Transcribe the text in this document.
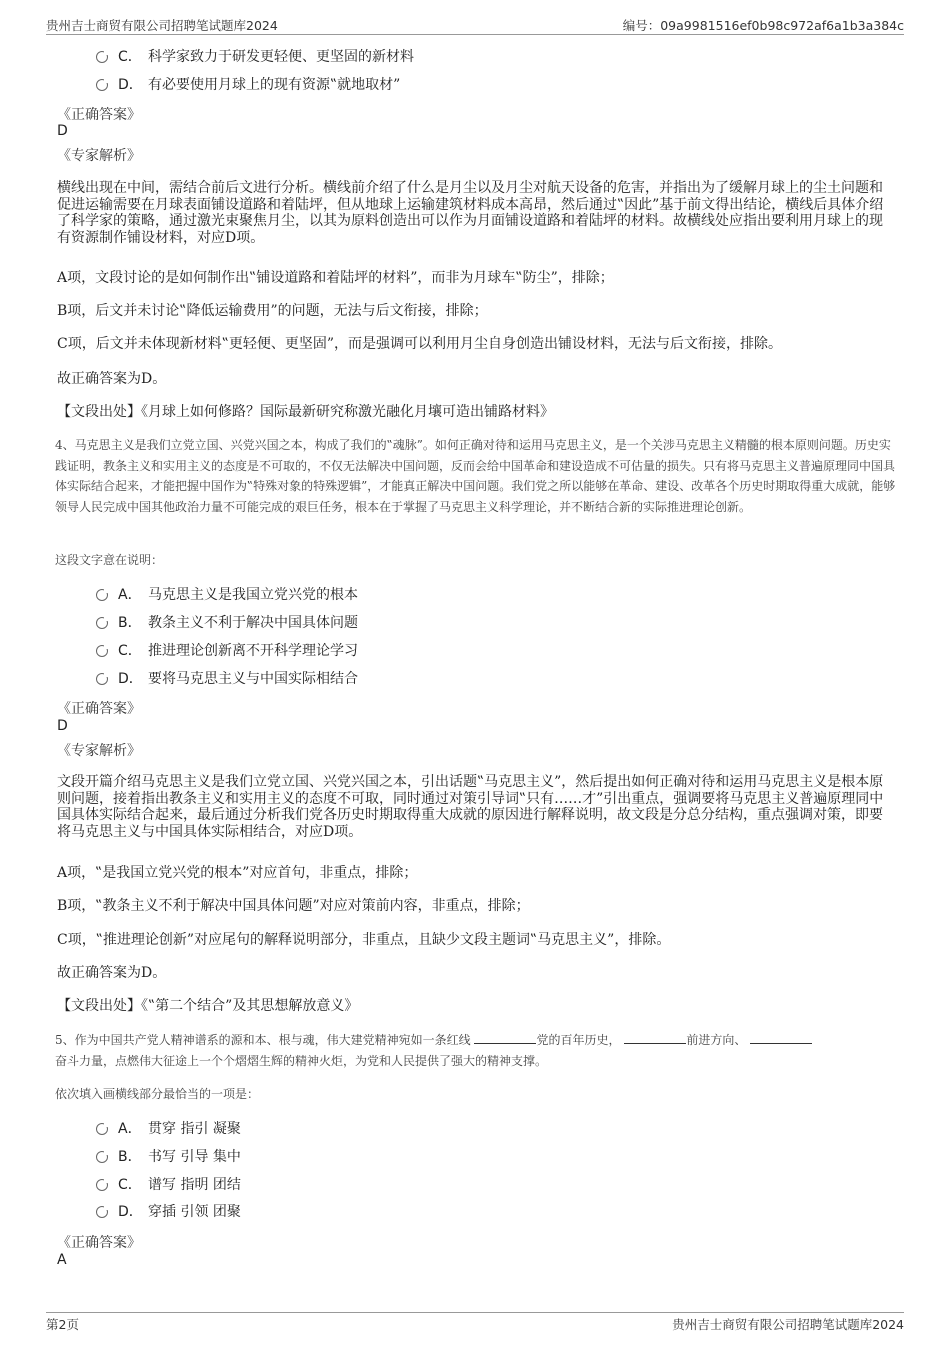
贵州吉士商贸有限公司招聘笔试题库2024	编号：09a9981516ef0b98c972af6a1b3a384c
C． 科学家致力于研发更轻便、更坚固的新材料
D． 有必要使用月球上的现有资源‟就地取材”
《正确答案》
D
《专家解析》
横线出现在中间，需结合前后文进行分析。横线前介绍了什么是月尘以及月尘对航天设备的危害，并指出为了缓解月球上的尘土问题和促进运输需要在月球表面铺设道路和着陆坪，但从地球上运输建筑材料成本高昂，然后通过‟因此”基于前文得出结论，横线后具体介绍了科学家的策略，通过激光束聚焦月尘，以其为原料创造出可以作为月面铺设道路和着陆坪的材料。故横线处应指出要利用月球上的现有资源制作铺设材料，对应D项。
A项，文段讨论的是如何制作出‟铺设道路和着陆坪的材料”，而非为月球车‟防尘”，排除；
B项，后文并未讨论‟降低运输费用”的问题，无法与后文衔接，排除；
C项，后文并未体现新材料‟更轻便、更坚固”，而是强调可以利用月尘自身创造出铺设材料，无法与后文衔接，排除。
故正确答案为D。
【文段出处】《月球上如何修路？国际最新研究称激光融化月壤可造出铺路材料》
4、马克思主义是我们立党立国、兴党兴国之本，构成了我们的‟魂脉”。如何正确对待和运用马克思主义，是一个关涉马克思主义精髓的根本原则问题。历史实践证明，教条主义和实用主义的态度是不可取的，不仅无法解决中国问题，反而会给中国革命和建设造成不可估量的损失。只有将马克思主义普遍原理同中国具体实际结合起来，才能把握中国作为‟特殊对象的特殊逻辑”，才能真正解决中国问题。我们党之所以能够在革命、建设、改革各个历史时期取得重大成就，能够领导人民完成中国其他政治力量不可能完成的艰巨任务，根本在于掌握了马克思主义科学理论，并不断结合新的实际推进理论创新。
这段文字意在说明：
A． 马克思主义是我国立党兴党的根本
B． 教条主义不利于解决中国具体问题
C． 推进理论创新离不开科学理论学习
D． 要将马克思主义与中国实际相结合
《正确答案》
D
《专家解析》
文段开篇介绍马克思主义是我们立党立国、兴党兴国之本，引出话题‟马克思主义”，然后提出如何正确对待和运用马克思主义是根本原则问题，接着指出教条主义和实用主义的态度不可取，同时通过对策引导词‟只有……才”引出重点，强调要将马克思主义普遍原理同中国具体实际结合起来，最后通过分析我们党各历史时期取得重大成就的原因进行解释说明，故文段是分总分结构，重点强调对策，即要将马克思主义与中国具体实际相结合，对应D项。
A项，‟是我国立党兴党的根本”对应首句，非重点，排除；
B项，‟教条主义不利于解决中国具体问题”对应对策前内容，非重点，排除；
C项，‟推进理论创新”对应尾句的解释说明部分，非重点，且缺少文段主题词‟马克思主义”，排除。
故正确答案为D。
【文段出处】《‟第二个结合”及其思想解放意义》
5、作为中国共产党人精神谱系的源和本、根与魂，伟大建党精神宛如一条红线	党的百年历史，	前进方向、
奋斗力量，点燃伟大征途上一个个熠熠生辉的精神火炬，为党和人民提供了强大的精神支撑。
依次填入画横线部分最恰当的一项是：
A． 贯穿 指引 凝聚
B． 书写 引导 集中
C． 谱写 指明 团结
D． 穿插 引领 团聚
《正确答案》
A
第2页	贵州吉士商贸有限公司招聘笔试题库2024
